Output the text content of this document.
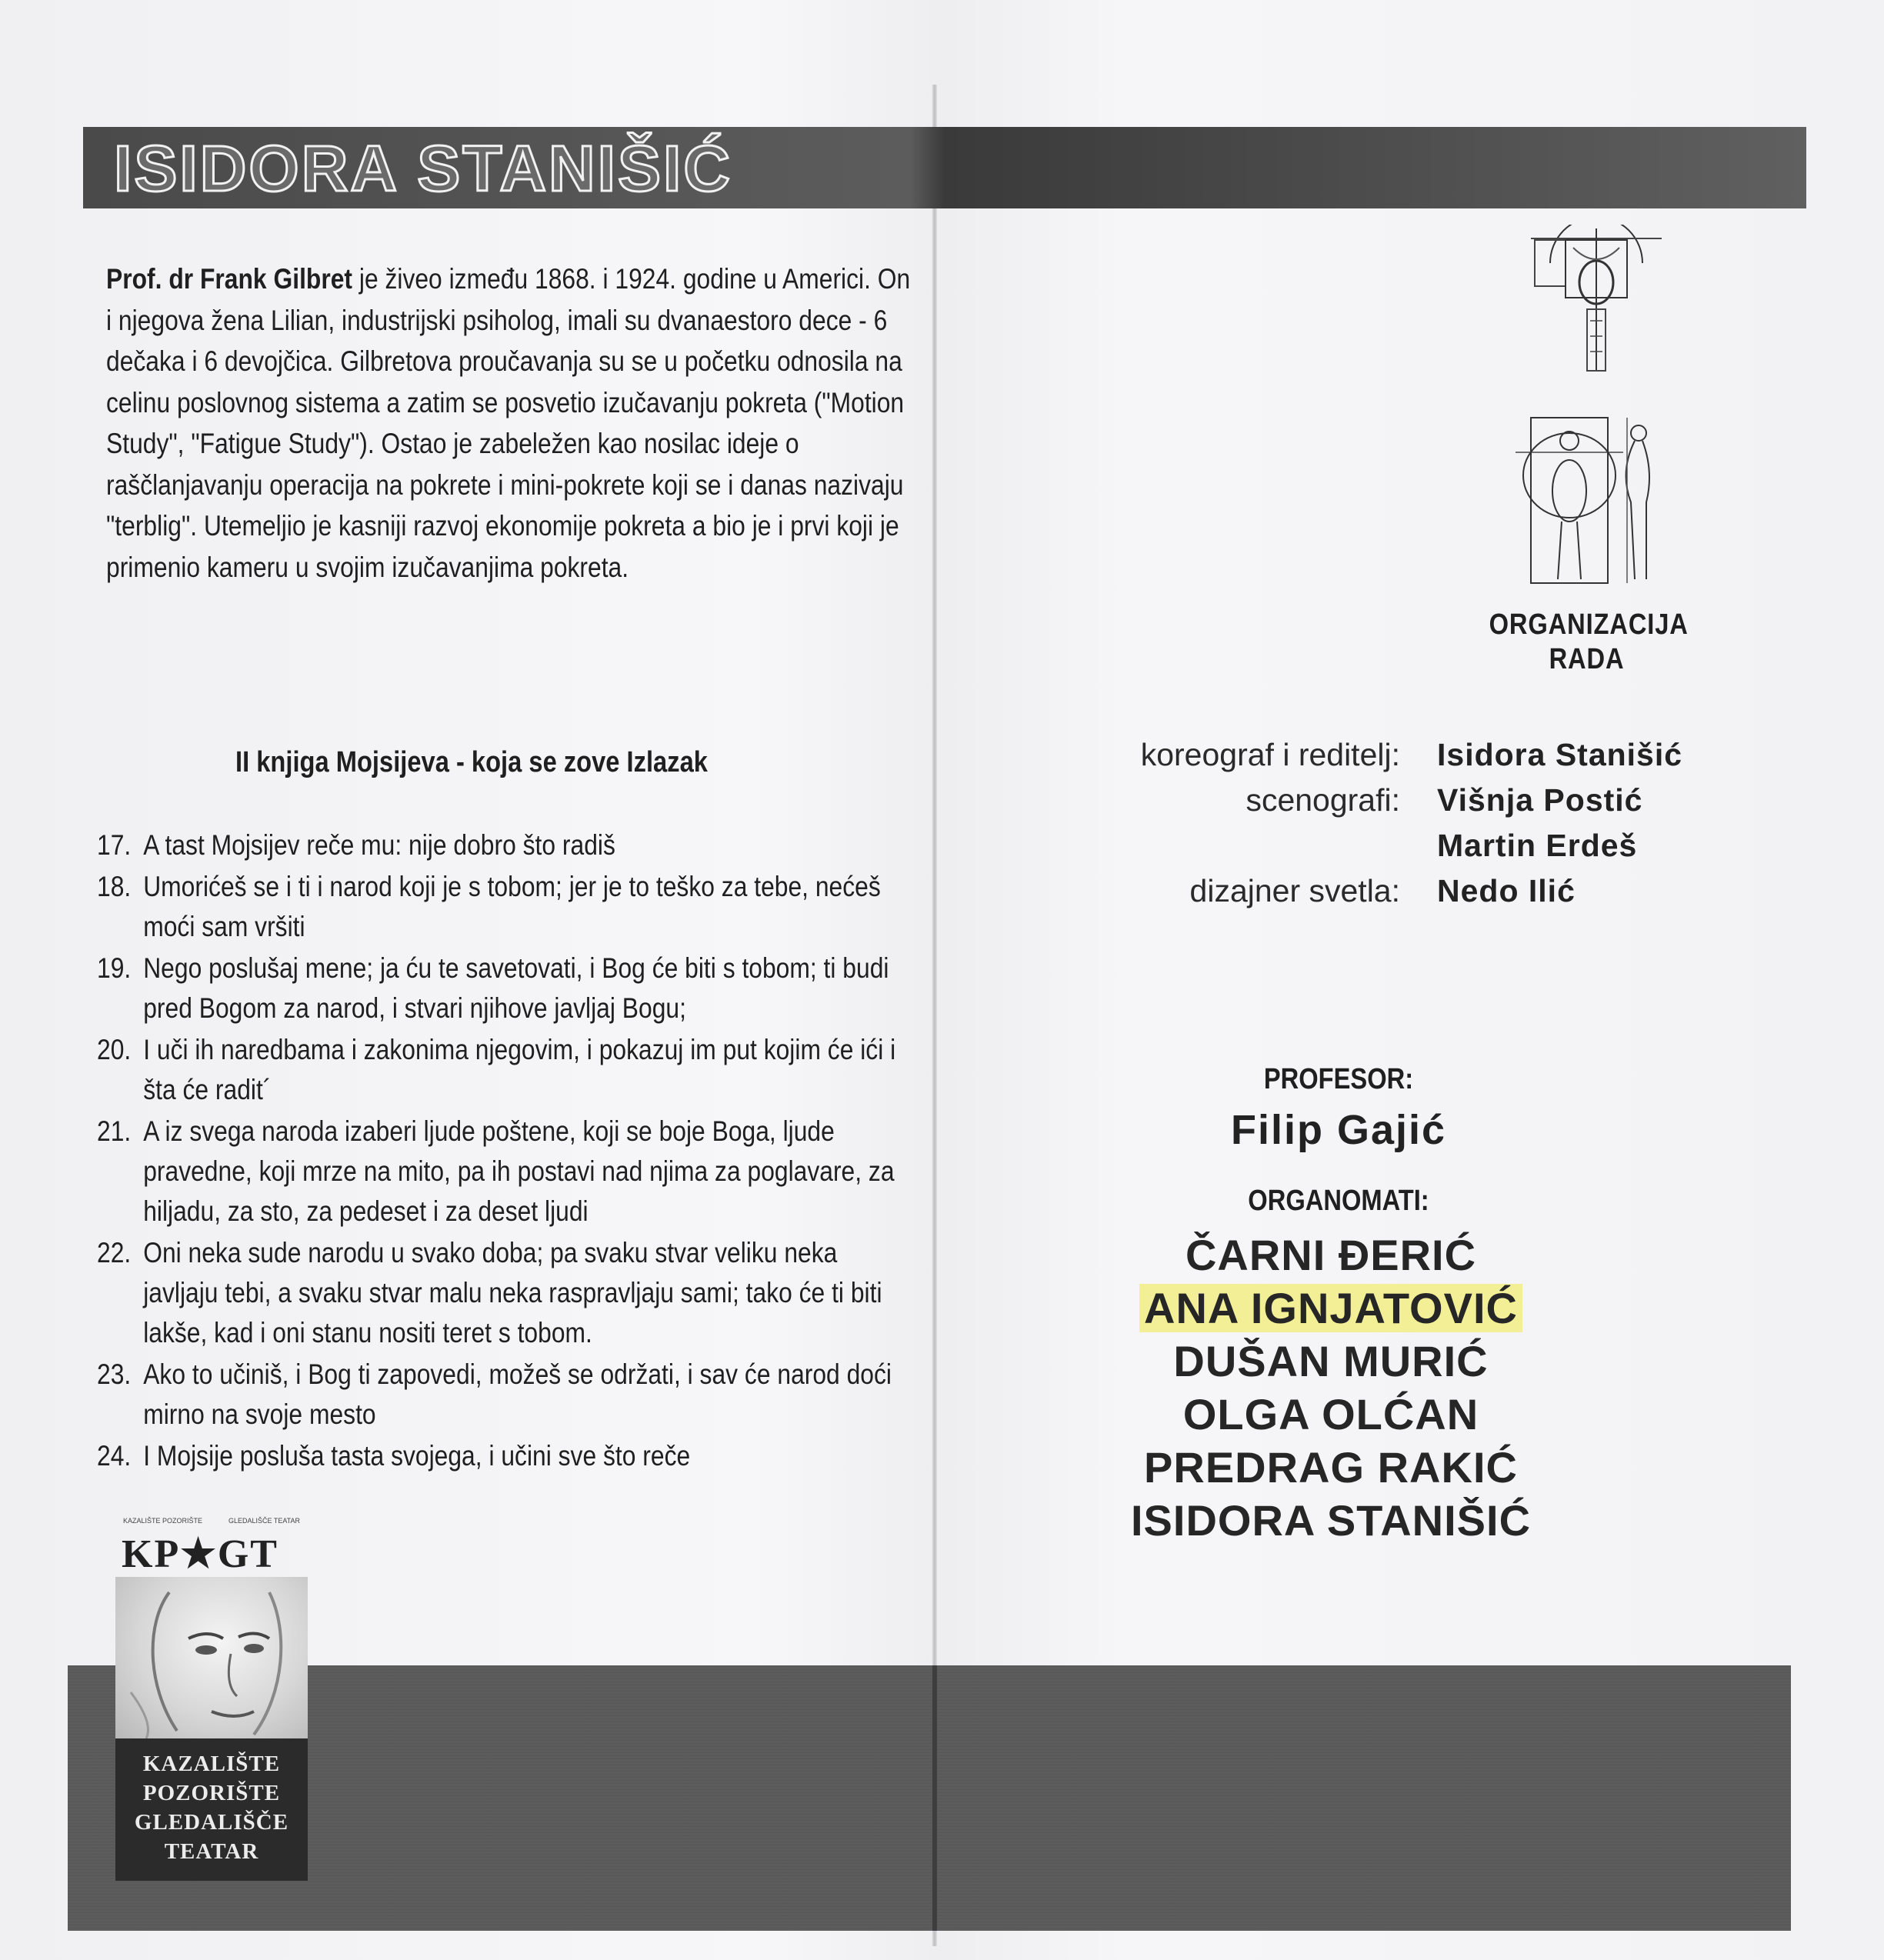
ISIDORA STANIŠIĆ
Prof. dr Frank Gilbret je živeo između 1868. i 1924. godine u Americi. On i njegova žena Lilian, industrijski psiholog, imali su dvanaestoro dece - 6 dečaka i 6 devojčica. Gilbretova proučavanja su se u početku odnosila na celinu poslovnog sistema a zatim se posvetio izučavanju pokreta ("Motion Study", "Fatigue Study"). Ostao je zabeležen kao nosilac ideje o raščlanjavanju operacija na pokrete i mini-pokrete koji se i danas nazivaju "terblig". Utemeljio je kasniji razvoj ekonomije pokreta a bio je i prvi koji je primenio kameru u svojim izučavanjima pokreta.
II knjiga Mojsijeva - koja se zove Izlazak
17. A tast Mojsijev reče mu: nije dobro što radiš
18. Umorićeš se i ti i narod koji je s tobom; jer je to teško za tebe, nećeš moći sam vršiti
19. Nego poslušaj mene; ja ću te savetovati, i Bog će biti s tobom; ti budi pred Bogom za narod, i stvari njihove javljaj Bogu;
20. I uči ih naredbama i zakonima njegovim, i pokazuj im put kojim će ići i šta će radit´
21. A iz svega naroda izaberi ljude poštene, koji se boje Boga, ljude pravedne, koji mrze na mito, pa ih postavi nad njima za poglavare, za hiljadu, za sto, za pedeset i za deset ljudi
22. Oni neka sude narodu u svako doba; pa svaku stvar veliku neka javljaju tebi, a svaku stvar malu neka raspravljaju sami; tako će ti biti lakše, kad i oni stanu nositi teret s tobom.
23. Ako to učiniš, i Bog ti zapovedi, možeš se održati, i sav će narod doći mirno na svoje mesto
24. I Mojsije posluša tasta svojega, i učini sve što reče
KAZALIŠTE POZORIŠTE	GLEDALIŠČE TEATAR
KP★GT
KAZALIŠTE
POZORIŠTE
GLEDALIŠČE
TEATAR
ORGANIZACIJA
RADA
koreograf i reditelj:	Isidora Stanišić
scenografi:	Višnja Postić
Martin Erdeš
dizajner svetla:	Nedo Ilić
PROFESOR:
Filip Gajić
ORGANOMATI:
ČARNI ĐERIĆ
ANA IGNJATOVIĆ
DUŠAN MURIĆ
OLGA OLĆAN
PREDRAG RAKIĆ
ISIDORA STANIŠIĆ
